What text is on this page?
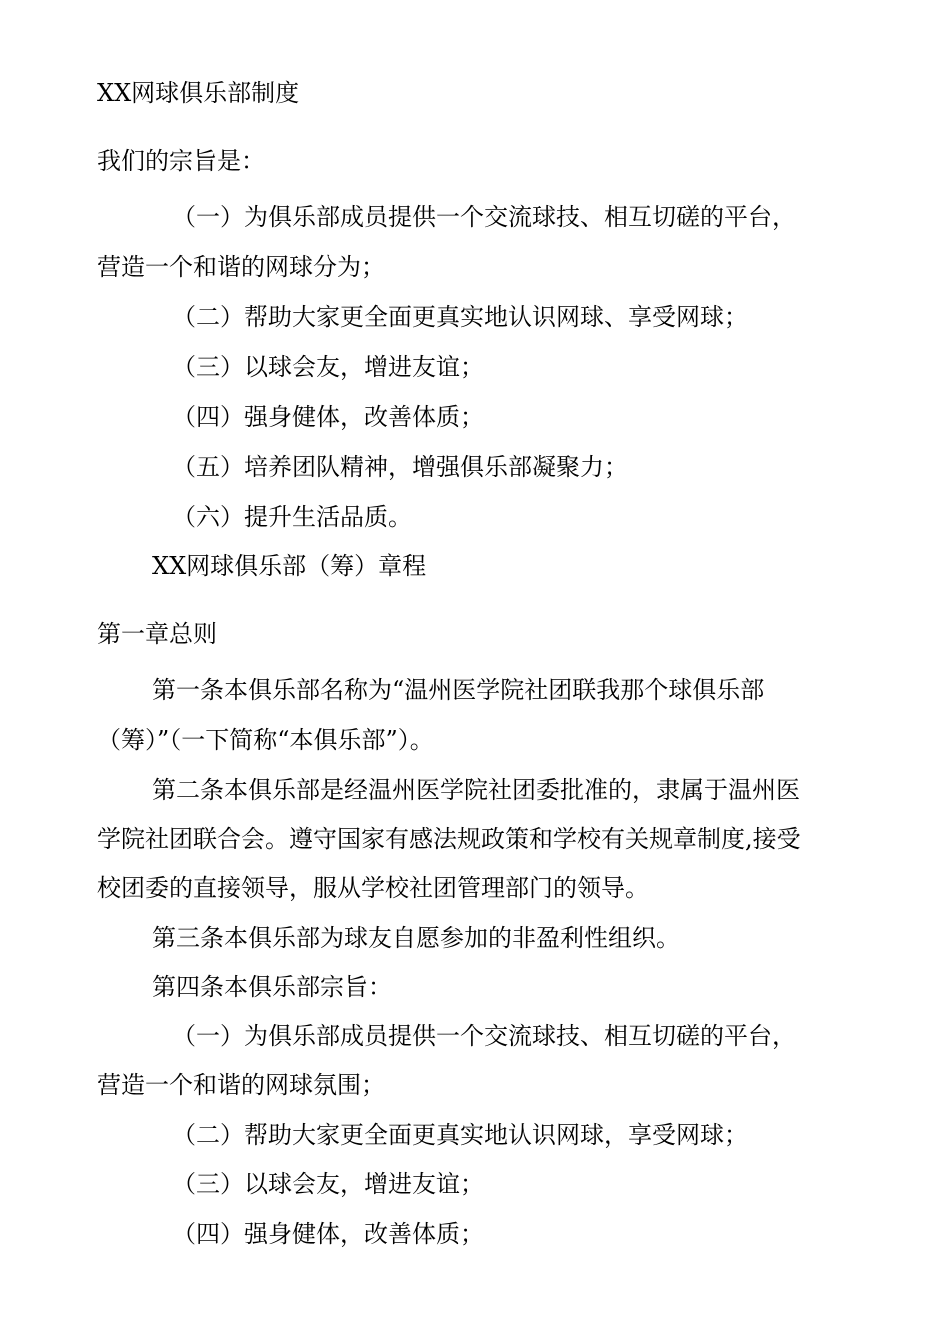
XX网球俱乐部制度
我们的宗旨是：
（一）为俱乐部成员提供一个交流球技、相互切磋的平台，
营造一个和谐的网球分为；
（二）帮助大家更全面更真实地认识网球、享受网球；
（三）以球会友，增进友谊；
（四）强身健体，改善体质；
（五）培养团队精神，增强俱乐部凝聚力；
（六）提升生活品质。
XX网球俱乐部（筹）章程
第一章总则
第一条本俱乐部名称为“温州医学院社团联我那个球俱乐部
（筹）”（一下简称“本俱乐部”）。
第二条本俱乐部是经温州医学院社团委批准的，隶属于温州医
学院社团联合会。遵守国家有感法规政策和学校有关规章制度,接受
校团委的直接领导，服从学校社团管理部门的领导。
第三条本俱乐部为球友自愿参加的非盈利性组织。
第四条本俱乐部宗旨：
（一）为俱乐部成员提供一个交流球技、相互切磋的平台，
营造一个和谐的网球氛围；
（二）帮助大家更全面更真实地认识网球，享受网球；
（三）以球会友，增进友谊；
（四）强身健体，改善体质；
